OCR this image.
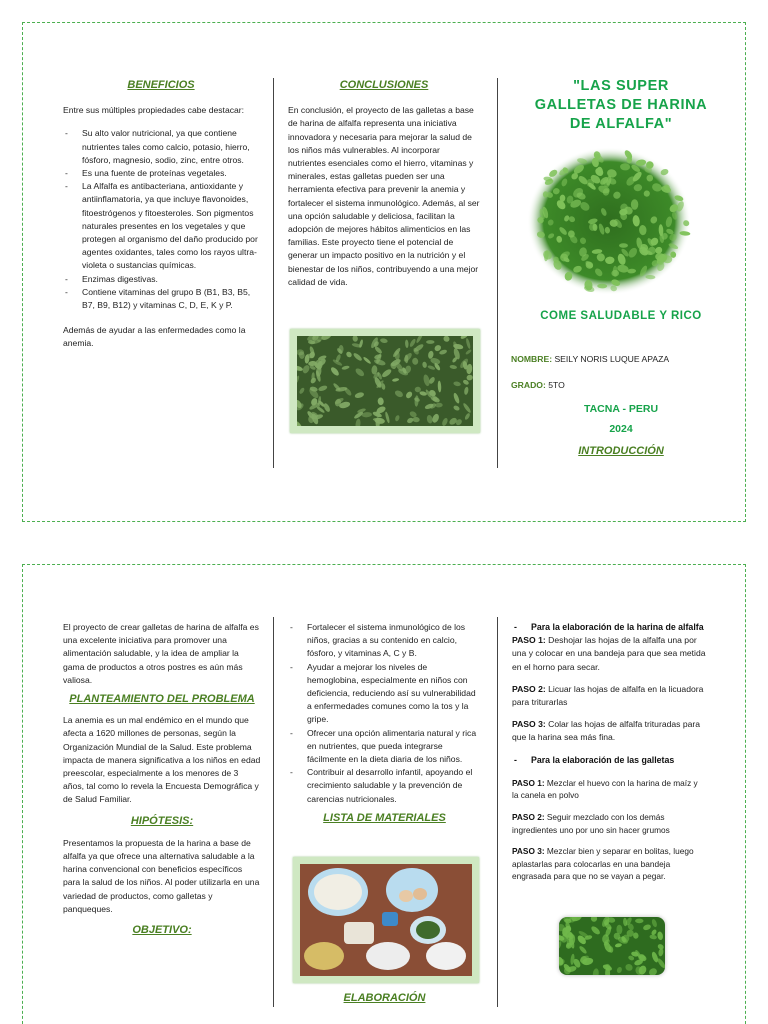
BENEFICIOS

Entre sus múltiples propiedades cabe destacar:

- Su alto valor nutricional, ya que contiene nutrientes tales como calcio, potasio, hierro, fósforo, magnesio, sodio, zinc, entre otros.
- Es una fuente de proteínas vegetales.
- La Alfalfa es antibacteriana, antioxidante y antiinflamatoria, ya que incluye flavonoides, fitoestrógenos y fitoesteroles. Son pigmentos naturales presentes en los vegetales y que protegen al organismo del daño producido por agentes oxidantes, tales como los rayos ultra-violeta o sustancias químicas.
- Enzimas digestivas.
- Contiene vitaminas del grupo B (B1, B3, B5, B7, B9, B12) y vitaminas C, D, E, K y P.

Además de ayudar a las enfermedades como la anemia.

CONCLUSIONES

En conclusión, el proyecto de las galletas a base de harina de alfalfa representa una iniciativa innovadora y necesaria para mejorar la salud de los niños más vulnerables. Al incorporar nutrientes esenciales como el hierro, vitaminas y minerales, estas galletas pueden ser una herramienta efectiva para prevenir la anemia y fortalecer el sistema inmunológico. Además, al ser una opción saludable y deliciosa, facilitan la adopción de mejores hábitos alimenticios en las familias. Este proyecto tiene el potencial de generar un impacto positivo en la nutrición y el bienestar de los niños, contribuyendo a una mejor calidad de vida.

"LAS SUPER GALLETAS DE HARINA DE ALFALFA"
COME SALUDABLE Y RICO
NOMBRE: SEILY NORIS LUQUE APAZA
GRADO: 5TO
TACNA - PERU
2024
INTRODUCCIÓN

El proyecto de crear galletas de harina de alfalfa es una excelente iniciativa para promover una alimentación saludable, y la idea de ampliar la gama de productos a otros postres es aún más valiosa.

PLANTEAMIENTO DEL PROBLEMA

La anemia es un mal endémico en el mundo que afecta a 1620 millones de personas, según la Organización Mundial de la Salud. Este problema impacta de manera significativa a los niños en edad preescolar, especialmente a los menores de 3 años, tal como lo revela la Encuesta Demográfica y de Salud Familiar.

HIPÓTESIS:

Presentamos la propuesta de la harina a base de alfalfa ya que ofrece una alternativa saludable a la harina convencional con beneficios específicos para la salud de los niños. Al poder utilizarla en una variedad de productos, como galletas y panqueques.

OBJETIVO:
- Fortalecer el sistema inmunológico de los niños, gracias a su contenido en calcio, fósforo, y vitaminas A, C y B.
- Ayudar a mejorar los niveles de hemoglobina, especialmente en niños con deficiencia, reduciendo así su vulnerabilidad a enfermedades comunes como la tos y la gripe.
- Ofrecer una opción alimentaria natural y rica en nutrientes, que pueda integrarse fácilmente en la dieta diaria de los niños.
- Contribuir al desarrollo infantil, apoyando el crecimiento saludable y la prevención de carencias nutricionales.
LISTA DE MATERIALES
ELABORACIÓN
- Para la elaboración de la harina de alfalfa

PASO 1: Deshojar las hojas de la alfalfa una por una y colocar en una bandeja para que sea metida en el horno para secar.

PASO 2: Licuar las hojas de alfalfa en la licuadora para triturarlas

PASO 3: Colar las hojas de alfalfa trituradas para que la harina sea más fina.

- Para la elaboración de las galletas

PASO 1: Mezclar el huevo con la harina de maíz y la canela en polvo

PASO 2: Seguir mezclado con los demás ingredientes uno por uno sin hacer grumos

PASO 3: Mezclar bien y separar en bolitas, luego aplastarlas para colocarlas en una bandeja engrasada para que no se vayan a pegar.
